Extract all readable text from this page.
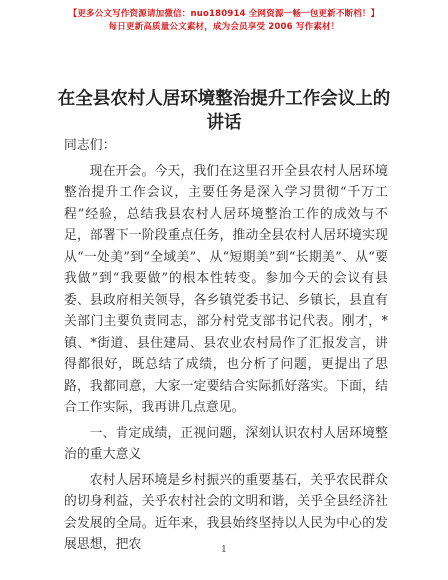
【更多公文写作资源请加微信：nuo180914 全网资源一畅一包更新不断档！】
每日更新高质量公文素材，成为会员享受 2006 写作素材！
在全县农村人居环境整治提升工作会议上的讲话

同志们：

现在开会。今天，我们在这里召开全县农村人居环境整治提升工作会议，主要任务是深入学习贯彻“千万工程”经验，总结我县农村人居环境整治工作的成效与不足，部署下一阶段重点任务，推动全县农村人居环境实现从“一处美”到“全域美”、从“短期美”到“长期美”、从“要我做”到“我要做”的根本性转变。参加今天的会议有县委、县政府相关领导，各乡镇党委书记、乡镇长，县直有关部门主要负责同志，部分村党支部书记代表。刚才，*镇、*街道、县住建局、县农业农村局作了汇报发言，讲得都很好，既总结了成绩，也分析了问题，更提出了思路，我都同意，大家一定要结合实际抓好落实。下面，结合工作实际，我再讲几点意见。

一、肯定成绩，正视问题，深刻认识农村人居环境整治的重大意义

农村人居环境是乡村振兴的重要基石，关乎农民群众的切身利益，关乎农村社会的文明和谐，关乎全县经济社会发展的全局。近年来，我县始终坚持以人民为中心的发展思想，把农	1
